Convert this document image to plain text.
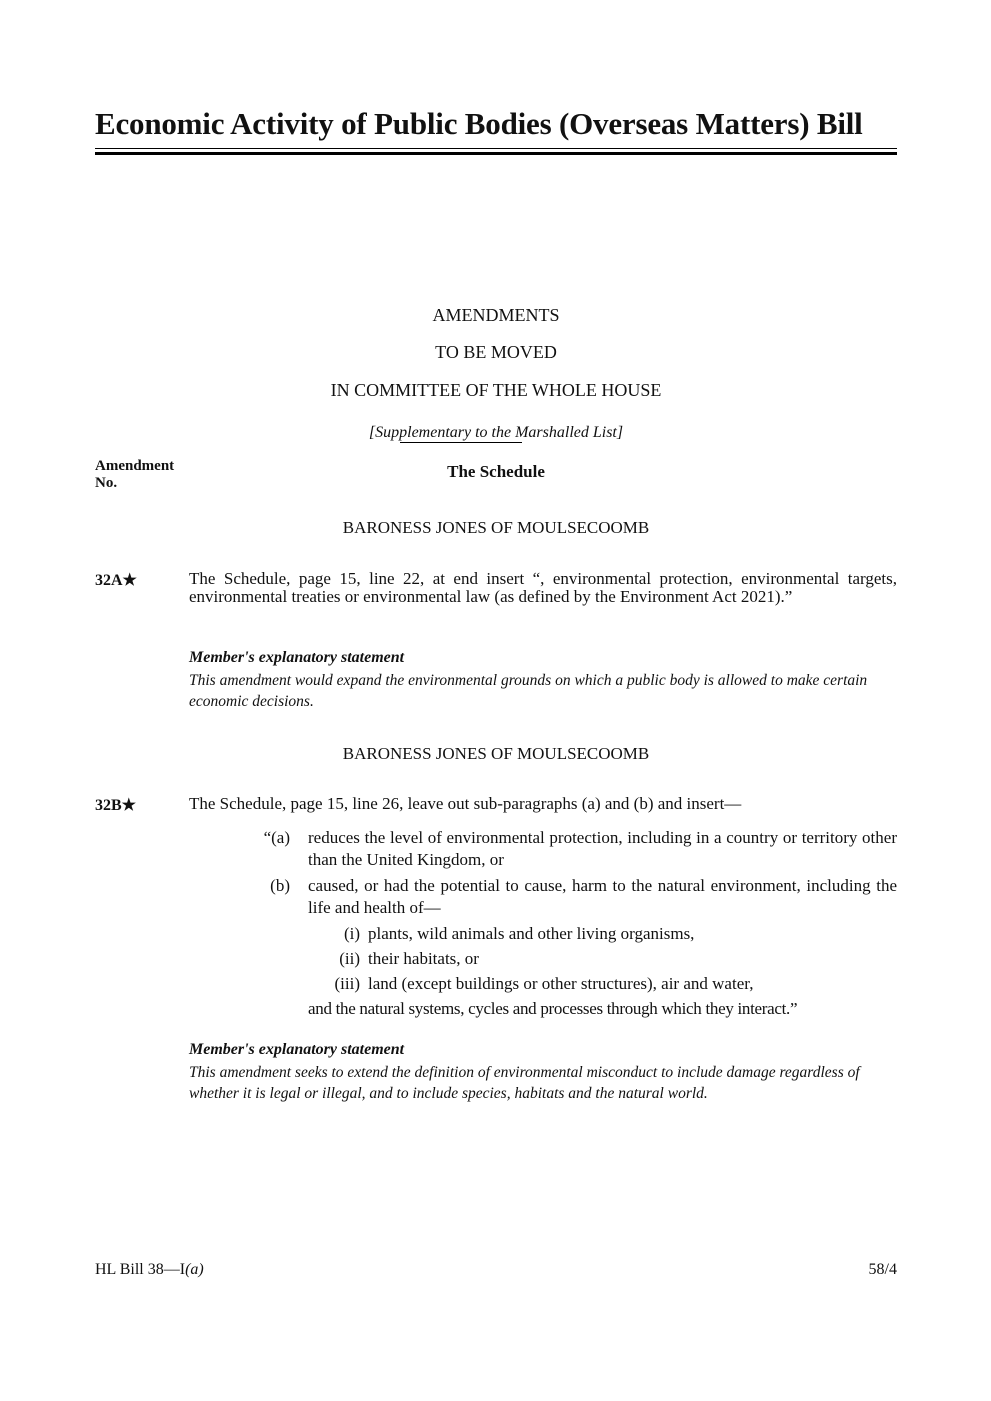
Economic Activity of Public Bodies (Overseas Matters) Bill
AMENDMENTS
TO BE MOVED
IN COMMITTEE OF THE WHOLE HOUSE
[Supplementary to the Marshalled List]
Amendment
No.
The Schedule
BARONESS JONES OF MOULSECOOMB
32A★	The Schedule, page 15, line 22, at end insert “, environmental protection, environmental targets, environmental treaties or environmental law (as defined by the Environment Act 2021).”
Member's explanatory statement
This amendment would expand the environmental grounds on which a public body is allowed to make certain economic decisions.
BARONESS JONES OF MOULSECOOMB
32B★	The Schedule, page 15, line 26, leave out sub-paragraphs (a) and (b) and insert—
“(a) reduces the level of environmental protection, including in a country or territory other than the United Kingdom, or
(b) caused, or had the potential to cause, harm to the natural environment, including the life and health of—
(i) plants, wild animals and other living organisms,
(ii) their habitats, or
(iii) land (except buildings or other structures), air and water,
and the natural systems, cycles and processes through which they interact.”
Member's explanatory statement
This amendment seeks to extend the definition of environmental misconduct to include damage regardless of whether it is legal or illegal, and to include species, habitats and the natural world.
HL Bill 38—I(a)	58/4
